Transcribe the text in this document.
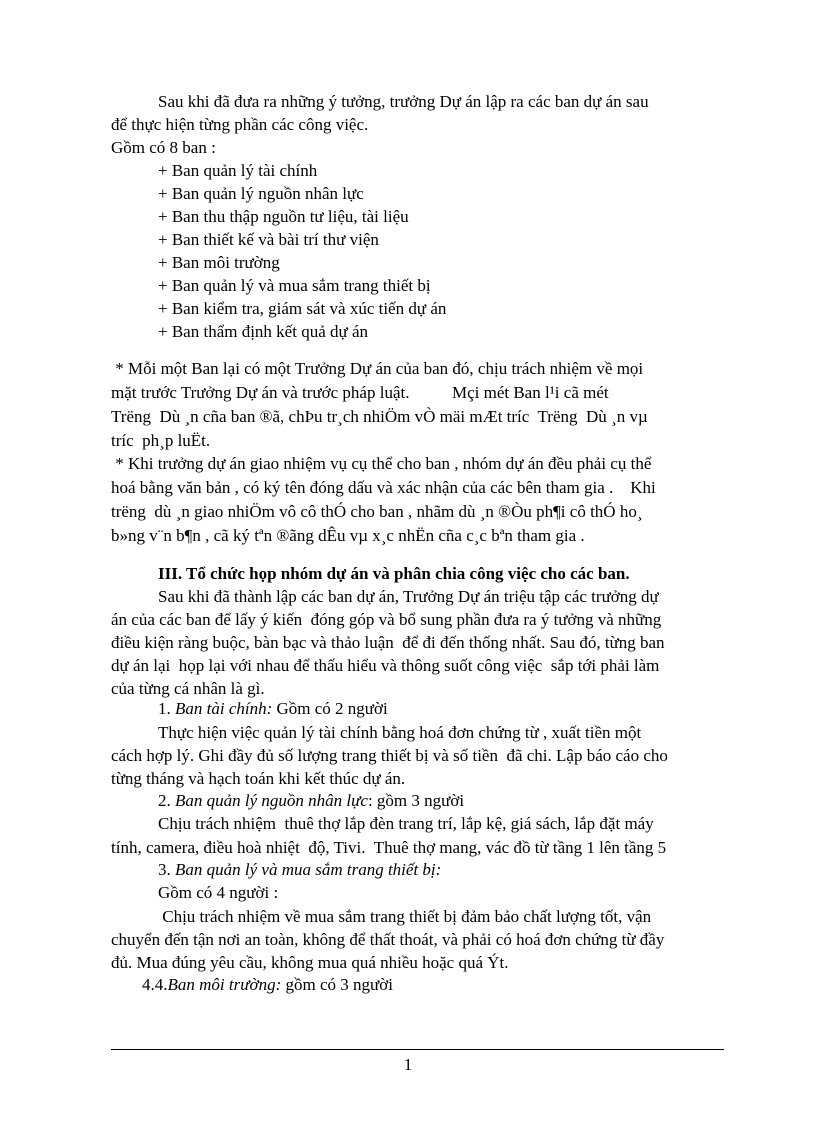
Sau khi đã đưa ra những ý tưởng, trưởng Dự án lập ra các ban dự án sau
để thực hiện từng phần các công việc.
Gồm có 8 ban :
+ Ban quản lý tài chính
+ Ban quản lý nguồn nhân lực
+ Ban thu thập nguồn tư liệu, tài liệu
+ Ban thiết kế và bài trí thư viện
+ Ban môi trường
+ Ban quản lý và mua sắm trang thiết bị
+ Ban kiểm tra, giám sát và xúc tiến dự án
+ Ban thẩm định kết quả dự án
* Mỗi một Ban lại có một Trưởng Dự án của ban đó, chịu trách nhiệm về mọi
mặt trước Trưởng Dự án và trước pháp luật.          Mçi mét Ban l¹i cã mét
Trëng  Dù ¸n cña ban ®ã, chÞu tr¸ch nhiÖm vÒ mäi mÆt tríc  Trëng  Dù ¸n vµ
tríc  ph¸p luËt.
* Khi trưởng dự án giao nhiệm vụ cụ thể cho ban , nhóm dự án đều phải cụ thể
hoá bằng văn bản , có ký tên đóng dấu và xác nhận của các bên tham gia .    Khi
trëng  dù ¸n giao nhiÖm vô cô thÓ cho ban , nhãm dù ¸n ®Òu ph¶i cô thÓ ho¸
b»ng v¨n b¶n , cã ký tªn ®ãng dÊu vµ x¸c nhËn cña c¸c bªn tham gia .
III. Tổ chức họp nhóm dự án và phân chia công việc cho các ban.
Sau khi đã thành lập các ban dự án, Trưởng Dự án triệu tập các trưởng dự
án của các ban để lấy ý kiến  đóng góp và bổ sung phần đưa ra ý tưởng và những
điều kiện ràng buộc, bàn bạc và thảo luận  để đi đến thống nhất. Sau đó, từng ban
dự án lại  họp lại với nhau để thấu hiểu và thông suốt công việc  sắp tới phải làm
của từng cá nhân là gì.
1. Ban tài chính: Gồm có 2 người
Thực hiện việc quản lý tài chính bằng hoá đơn chứng từ , xuất tiền một
cách hợp lý. Ghi đầy đủ số lượng trang thiết bị và số tiền  đã chi. Lập báo cáo cho
từng tháng và hạch toán khi kết thúc dự án.
2. Ban quản lý nguồn nhân lực: gồm 3 người
Chịu trách nhiệm  thuê thợ lắp đèn trang trí, lắp kệ, giá sách, lắp đặt máy
tính, camera, điều hoà nhiệt  độ, Tivi.  Thuê thợ mang, vác đồ từ tầng 1 lên tầng 5
3. Ban quản lý và mua sắm trang thiết bị:
Gồm có 4 người :
Chịu trách nhiệm về mua sắm trang thiết bị đảm bảo chất lượng tốt, vận
chuyển đến tận nơi an toàn, không để thất thoát, và phải có hoá đơn chứng từ đầy
đủ. Mua đúng yêu cầu, không mua quá nhiều hoặc quá Ýt.
4.4.Ban môi trường: gồm có 3 người
1
